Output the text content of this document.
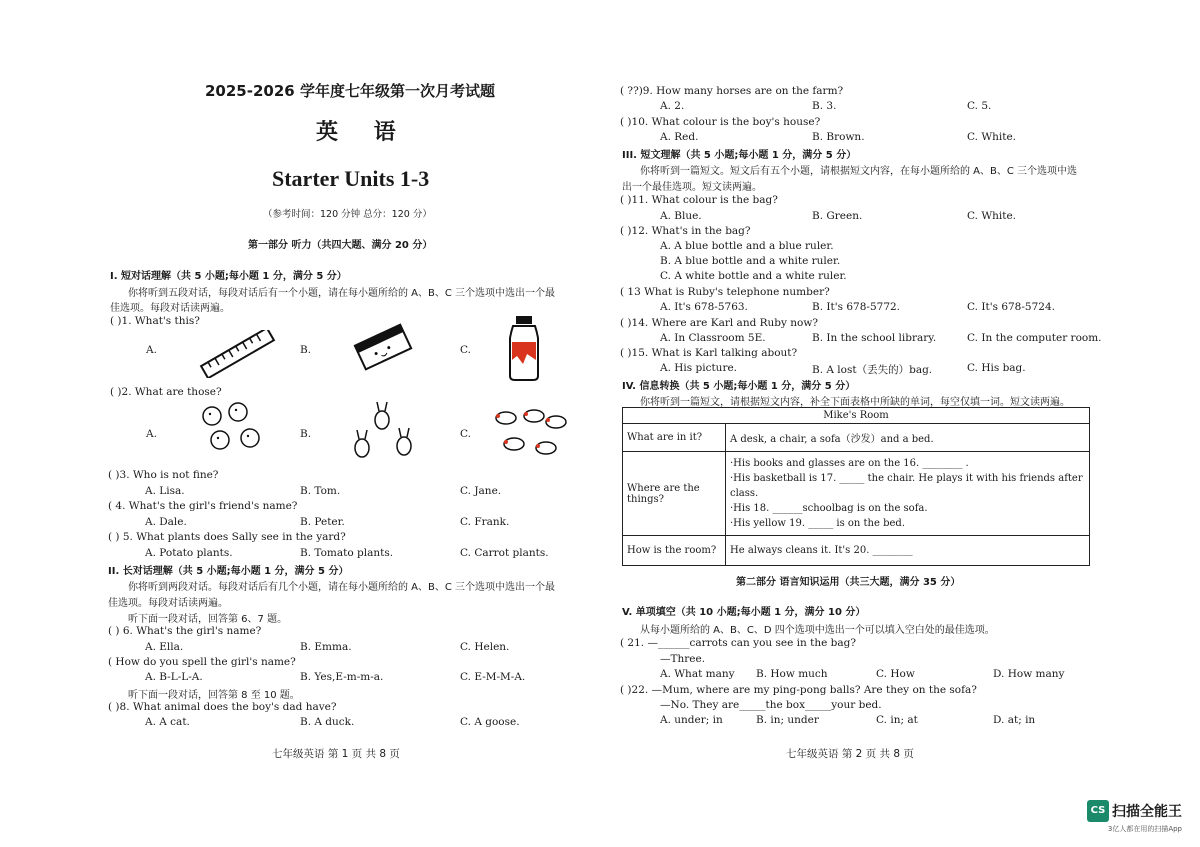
2025-2026 学年度七年级第一次月考试题
英 语
Starter Units 1-3
（参考时间：120 分钟 总分：120 分）
第一部分 听力（共四大题、满分 20 分）
I. 短对话理解（共 5 小题;每小题 1 分，满分 5 分）
你将听到五段对话，每段对话后有一个小题，请在每小题所给的 A、B、C 三个选项中选出一个最
佳选项。每段对话读两遍。
( )1. What's this?
A.	B.	C.
( )2. What are those?
A.	B.	C.
( )3. Who is not fine?
A. Lisa.	B. Tom.	C. Jane.
( 4. What's the girl's friend's name?
A. Dale.	B. Peter.	C. Frank.
( ) 5. What plants does Sally see in the yard?
A. Potato plants.	B. Tomato plants.	C. Carrot plants.
II. 长对话理解（共 5 小题;每小题 1 分，满分 5 分）
你将听到两段对话。每段对话后有几个小题，请在每小题所给的 A、B、C 三个选项中选出一个最
佳选项。每段对话读两遍。
听下面一段对话，回答第 6、7 题。
( ) 6. What's the girl's name?
A. Ella.	B. Emma.	C. Helen.
( How do you spell the girl's name?
A. B-L-L-A.	B. Yes,E-m-m-a.	C. E-M-M-A.
听下面一段对话，回答第 8 至 10 题。
( )8. What animal does the boy's dad have?
A. A cat.	B. A duck.	C. A goose.
七年级英语 第 1 页 共 8 页
( ??)9. How many horses are on the farm?
A. 2.	B. 3.	C. 5.
( )10. What colour is the boy's house?
A. Red.	B. Brown.	C. White.
III. 短文理解（共 5 小题;每小题 1 分，满分 5 分）
你将听到一篇短文。短文后有五个小题，请根据短文内容，在每小题所给的 A、B、C 三个选项中选
出一个最佳选项。短文读两遍。
( )11. What colour is the bag?
A. Blue.	B. Green.	C. White.
( )12. What's in the bag?
A. A blue bottle and a blue ruler.
B. A blue bottle and a white ruler.
C. A white bottle and a white ruler.
( 13 What is Ruby's telephone number?
A. It's 678-5763.	B. It's 678-5772.	C. It's 678-5724.
( )14. Where are Karl and Ruby now?
A. In Classroom 5E.	B. In the school library.	C. In the computer room.
( )15. What is Karl talking about?
A. His picture.	B. A lost（丢失的）bag.	C. His bag.
IV. 信息转换（共 5 小题;每小题 1 分，满分 5 分）
你将听到一篇短文，请根据短文内容，补全下面表格中所缺的单词，每空仅填一词。短文读两遍。
Mike's Room	
What are in it?	A desk, a chair, a sofa（沙发）and a bed.
Where are the things?	·His books and glasses are on the 16. ________ .
·His basketball is 17. _____ the chair. He plays it with his friends after class.
·His 18. ______schoolbag is on the sofa.
·His yellow 19. _____ is on the bed.

How is the room?	He always cleans it. It's 20. ________
第二部分 语言知识运用（共三大题，满分 35 分）
V. 单项填空（共 10 小题;每小题 1 分，满分 10 分）
从每小题所给的 A、B、C、D 四个选项中选出一个可以填入空白处的最佳选项。
( 21. —______carrots can you see in the bag?
—Three.
A. What many B. How much	C. How	D. How many
( )22. —Mum, where are my ping-pong balls? Are they on the sofa?
—No. They are_____the box_____your bed.
A. under; in	B. in; under	C. in; at	D. at; in
七年级英语 第 2 页 共 8 页
CS 扫描全能王
3亿人都在用的扫描App
